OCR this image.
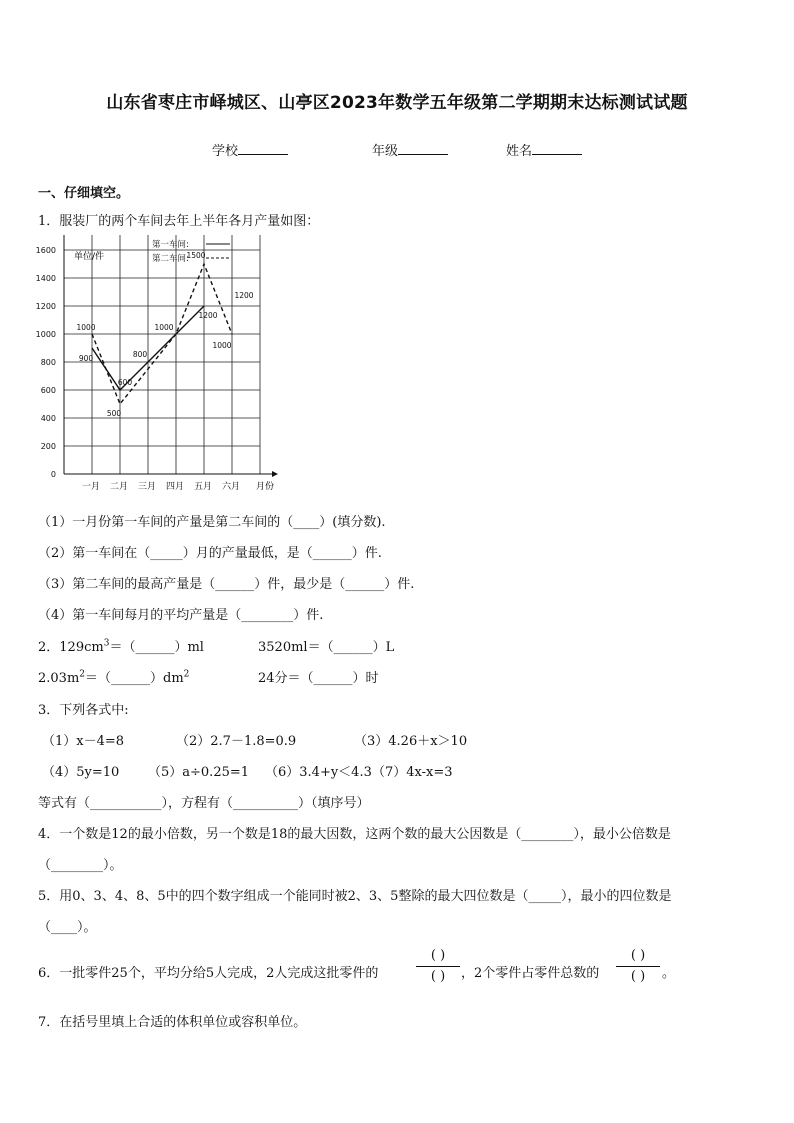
山东省枣庄市峄城区、山亭区2023年数学五年级第二学期期末达标测试试题
学校	年级	姓名
一、仔细填空。
1．服装厂的两个车间去年上半年各月产量如图：
0
200
400
600
800
1000
1200
1400
1600
一月 二月 三月 四月 五月 六月
1000
900
600
500
800
1000
1500
1200
1200
1000
第一车间:
第二车间:
单位/件
月份
（1）一月份第一车间的产量是第二车间的（____）(填分数).
（2）第一车间在（_____）月的产量最低，是（______）件.
（3）第二车间的最高产量是（______）件，最少是（______）件.
（4）第一车间每月的平均产量是（________）件.
2．$129cm^3=(\_\_\_\_\_\_)ml$	3520ml＝（______）L
$2.03m^2=(\_\_\_\_\_\_)dm^2$	24分＝（______）时
3．下列各式中:
（1）x－4=8	（2）2.7－1.8=0.9	（3）4.26＋x＞10
（4）5y=10 （5）a÷0.25=1 （6）3.4+y＜4.3 （7）4x-x=3
等式有（___________），方程有（__________）（填序号）
4．一个数是12的最小倍数，另一个数是18的最大因数，这两个数的最大公因数是（________），最小公倍数是
（________）。
5．用0、3、4、8、5中的四个数字组成一个能同时被2、3、5整除的最大四位数是（_____），最小的四位数是
（____）。
6．一批零件25个，平均分给5人完成，2人完成这批零件的
( )
( )	，2个零件占零件总数的
( )
( )	。
7．在括号里填上合适的体积单位或容积单位。
